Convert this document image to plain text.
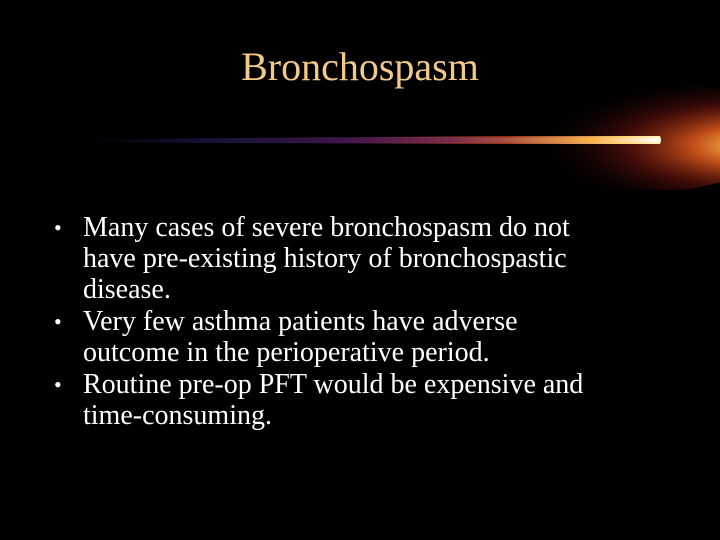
Bronchospasm
• Many cases of severe bronchospasm do not
have pre-existing history of bronchospastic
disease.
• Very few asthma patients have adverse
outcome in the perioperative period.
• Routine pre-op PFT would be expensive and
time-consuming.
